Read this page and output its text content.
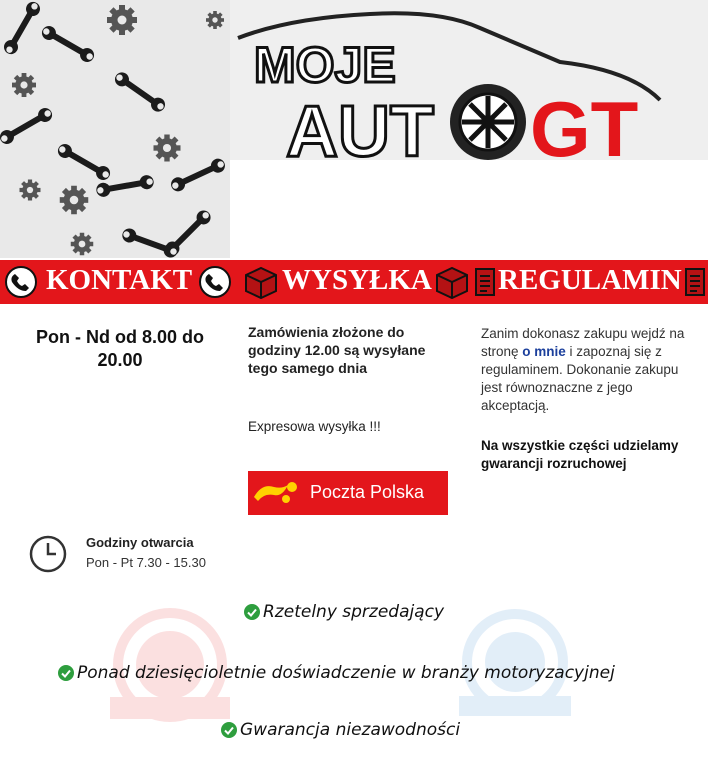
MOJE
AUT GT
KONTAKT	WYSYŁKA REGULAMIN
Pon - Nd od 8.00 do 20.00
Godziny otwarcia
Pon - Pt 7.30 - 15.30
Zamówienia złożone do godziny 12.00 są wysyłane tego samego dnia
Expresowa wysyłka !!!
Poczta Polska
Zanim dokonasz zakupu wejdź na stronę o mnie i zapoznaj się z regulaminem. Dokonanie zakupu jest równoznaczne z jego akceptacją.
Na wszystkie części udzielamy gwarancji rozruchowej
Rzetelny sprzedający
Ponad dziesięcioletnie doświadczenie w branży motoryzacyjnej
Gwarancja niezawodności
